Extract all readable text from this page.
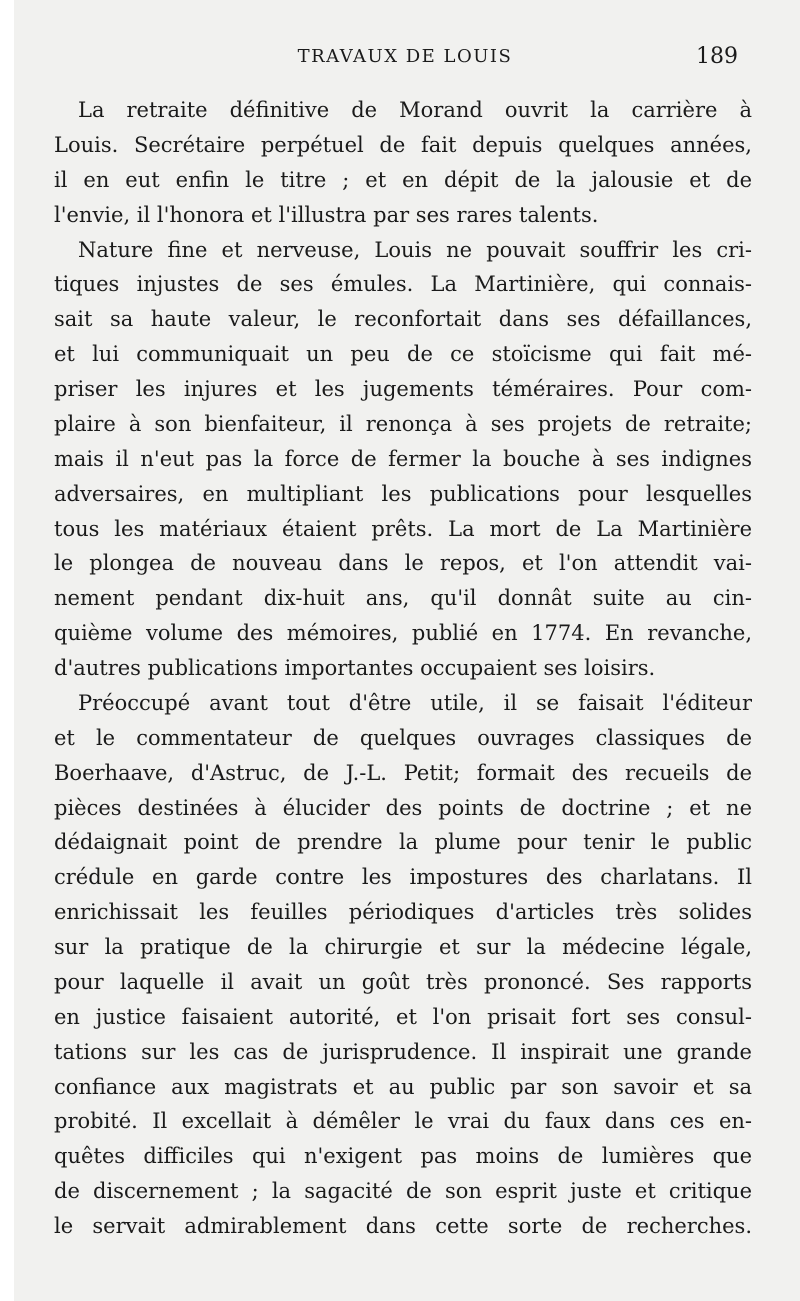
TRAVAUX DE LOUIS	189
La retraite définitive de Morand ouvrit la carrière à
Louis. Secrétaire perpétuel de fait depuis quelques années,
il en eut enfin le titre ; et en dépit de la jalousie et de
l'envie, il l'honora et l'illustra par ses rares talents.
Nature fine et nerveuse, Louis ne pouvait souffrir les cri-
tiques injustes de ses émules. La Martinière, qui connais-
sait sa haute valeur, le reconfortait dans ses défaillances,
et lui communiquait un peu de ce stoïcisme qui fait mé-
priser les injures et les jugements téméraires. Pour com-
plaire à son bienfaiteur, il renonça à ses projets de retraite;
mais il n'eut pas la force de fermer la bouche à ses indignes
adversaires, en multipliant les publications pour lesquelles
tous les matériaux étaient prêts. La mort de La Martinière
le plongea de nouveau dans le repos, et l'on attendit vai-
nement pendant dix-huit ans, qu'il donnât suite au cin-
quième volume des mémoires, publié en 1774. En revanche,
d'autres publications importantes occupaient ses loisirs.
Préoccupé avant tout d'être utile, il se faisait l'éditeur
et le commentateur de quelques ouvrages classiques de
Boerhaave, d'Astruc, de J.-L. Petit; formait des recueils de
pièces destinées à élucider des points de doctrine ; et ne
dédaignait point de prendre la plume pour tenir le public
crédule en garde contre les impostures des charlatans. Il
enrichissait les feuilles périodiques d'articles très solides
sur la pratique de la chirurgie et sur la médecine légale,
pour laquelle il avait un goût très prononcé. Ses rapports
en justice faisaient autorité, et l'on prisait fort ses consul-
tations sur les cas de jurisprudence. Il inspirait une grande
confiance aux magistrats et au public par son savoir et sa
probité. Il excellait à démêler le vrai du faux dans ces en-
quêtes difficiles qui n'exigent pas moins de lumières que
de discernement ; la sagacité de son esprit juste et critique
le servait admirablement dans cette sorte de recherches.
